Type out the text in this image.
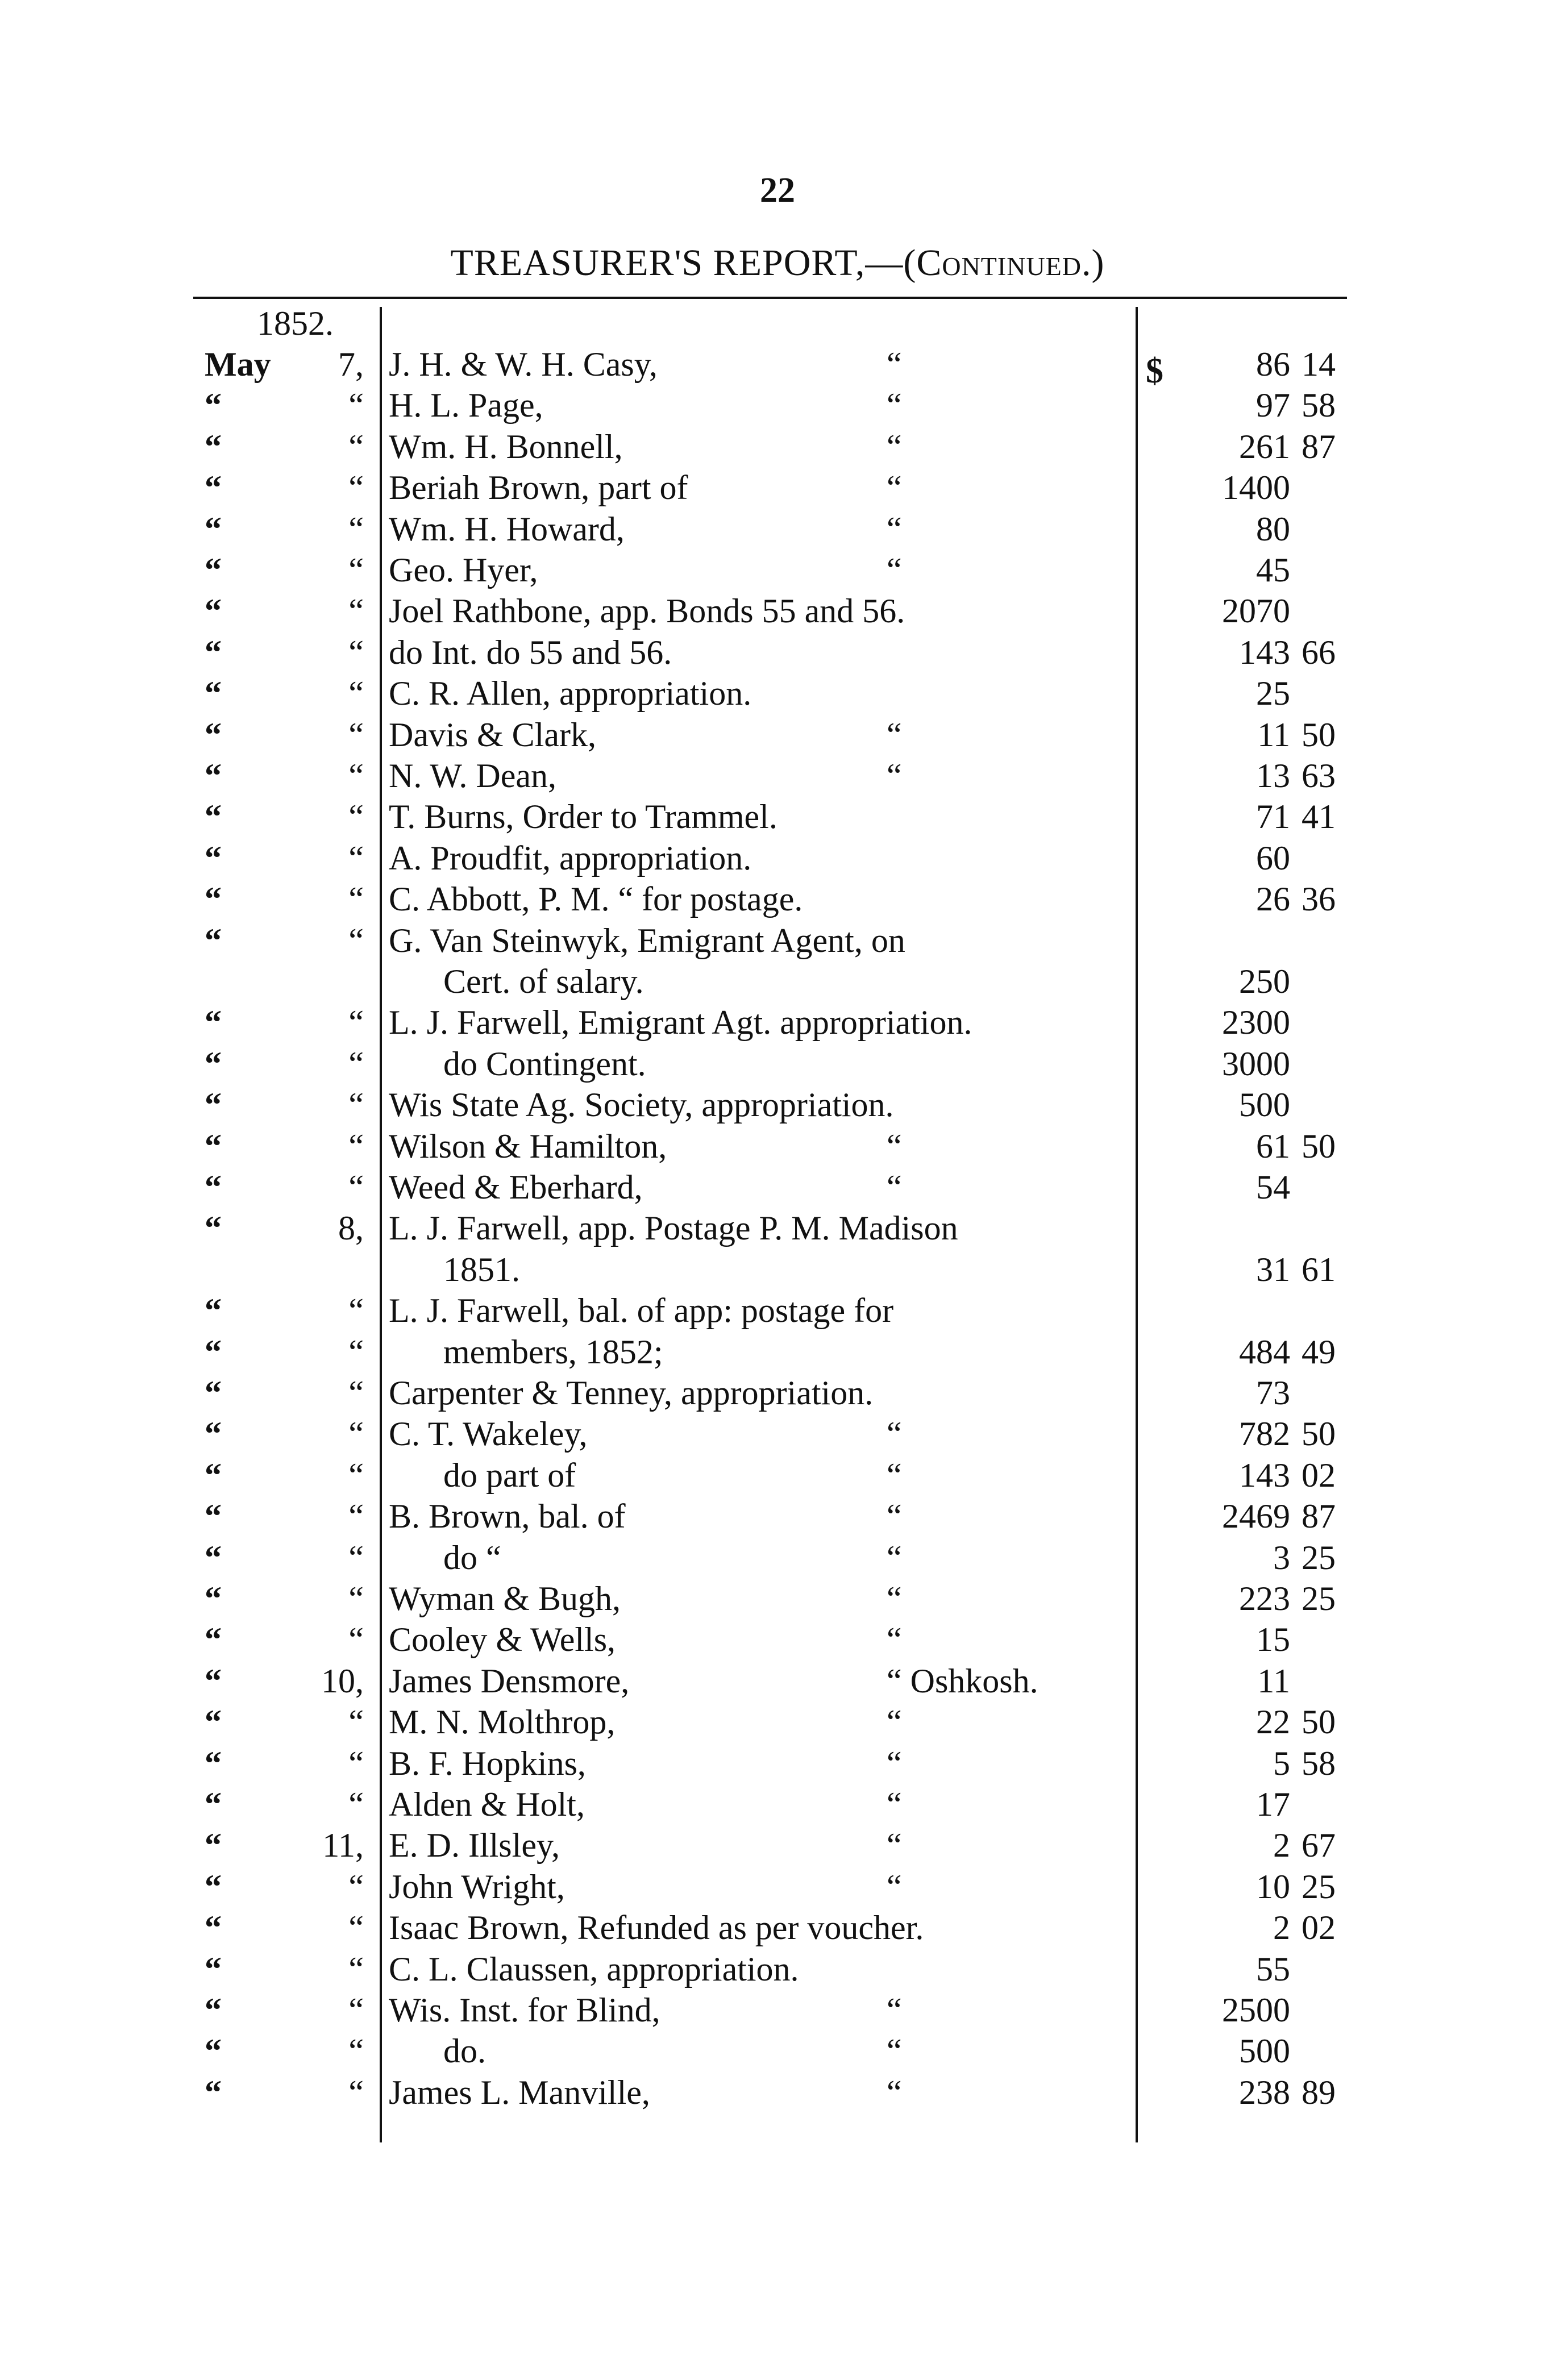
22
TREASURER'S REPORT,—(Continued.)
1852.
$
May	7, J. H. & W. H. Casy,	“	86 14
“	“ H. L. Page,	“	97 58
“	“ Wm. H. Bonnell,	“	261 87
“	“ Beriah Brown, part of	“	1400
“	“ Wm. H. Howard,	“	80
“	“ Geo. Hyer,	“	45
“	“ Joel Rathbone, app. Bonds 55 and 56.	2070
“	“ do Int. do 55 and 56.	143 66
“	“ C. R. Allen, appropriation.	25
“	“ Davis & Clark,	“	11 50
“	“ N. W. Dean,	“	13 63
“	“ T. Burns, Order to Trammel.	71 41
“	“ A. Proudfit, appropriation.	60
“	“ C. Abbott, P. M. “ for postage.	26 36
“	“ G. Van Steinwyk, Emigrant Agent, on
Cert. of salary.	250
“	“ L. J. Farwell, Emigrant Agt. appropriation.	2300
“	“ do Contingent.	3000
“	“ Wis State Ag. Society, appropriation.	500
“	“ Wilson & Hamilton,	“	61 50
“	“ Weed & Eberhard,	“	54
“	8, L. J. Farwell, app. Postage P. M. Madison
1851.	31 61
“	“ L. J. Farwell, bal. of app: postage for
“	“ members, 1852;	484 49
“	“ Carpenter & Tenney, appropriation.	73
“	“ C. T. Wakeley,	“	782 50
“	“ do part of	“	143 02
“	“ B. Brown, bal. of	“	2469 87
“	“ do “	“	3 25
“	“ Wyman & Bugh,	“	223 25
“	“ Cooley & Wells,	“	15
“	10, James Densmore,	“ Oshkosh.	11
“	“ M. N. Molthrop,	“	22 50
“	“ B. F. Hopkins,	“	5 58
“	“ Alden & Holt,	“	17
“	11, E. D. Illsley,	“	2 67
“	“ John Wright,	“	10 25
“	“ Isaac Brown, Refunded as per voucher.	2 02
“	“ C. L. Claussen, appropriation.	55
“	“ Wis. Inst. for Blind,	“	2500
“	“ do.	“	500
“	“ James L. Manville,	“	238 89
